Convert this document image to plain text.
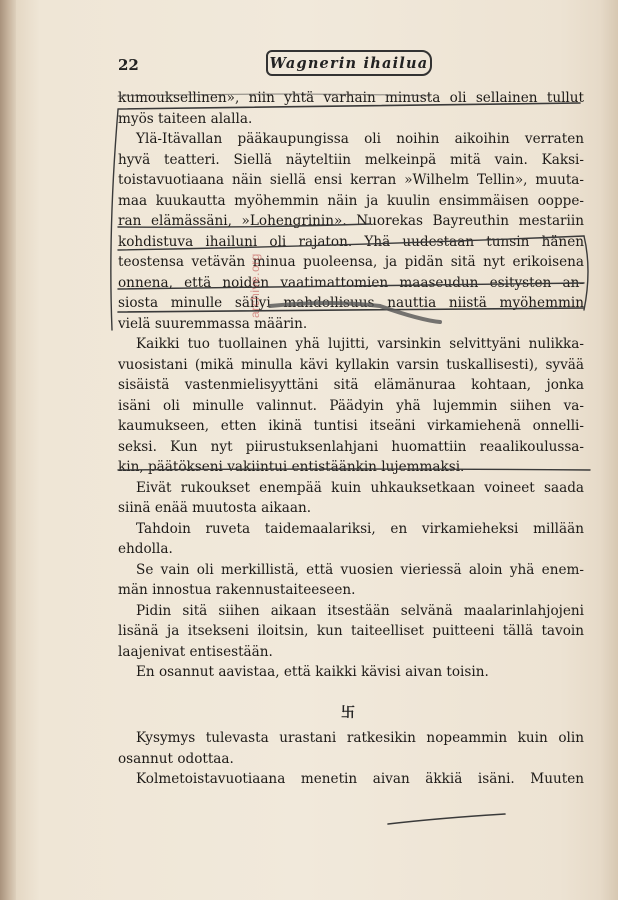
22	Wagnerin ihailua
kumouksellinen», niin yhtä varhain minusta oli sellainen tullut
myös taiteen alalla.
Ylä-Itävallan pääkaupungissa oli noihin aikoihin verraten
hyvä teatteri. Siellä näyteltiin melkeinpä mitä vain. Kaksi-
toistavuotiaana näin siellä ensi kerran »Wilhelm Tellin», muuta-
maa kuukautta myöhemmin näin ja kuulin ensimmäisen ooppe-
ran elämässäni, »Lohengrinin». Nuorekas Bayreuthin mestariin
kohdistuva ihailuni oli rajaton. Yhä uudestaan tunsin hänen
teostensa vetävän minua puoleensa, ja pidän sitä nyt erikoisena
onnena, että noiden vaatimattomien maaseudun esitysten an-
siosta minulle säilyi mahdollisuus nauttia niistä myöhemmin
vielä suuremmassa määrin.
Kaikki tuo tuollainen yhä lujitti, varsinkin selvittyäni nulikka-
vuosistani (mikä minulla kävi kyllakin varsin tuskallisesti), syvää
sisäistä vastenmielisyyttäni sitä elämänuraa kohtaan, jonka
isäni oli minulle valinnut. Päädyin yhä lujemmin siihen va-
kaumukseen, etten ikinä tuntisi itseäni virkamiehenä onnelli-
seksi. Kun nyt piirustuksenlahjani huomattiin reaalikoulussa-
kin, päätökseni vakiintui entistäänkin lujemmaksi.
Eivät rukoukset enempää kuin uhkauksetkaan voineet saada
siinä enää muutosta aikaan.
Tahdoin ruveta taidemaalariksi, en virkamieheksi millään
ehdolla.
Se vain oli merkillistä, että vuosien vieriessä aloin yhä enem-
män innostua rakennustaiteeseen.
Pidin sitä siihen aikaan itsestään selvänä maalarinlahjojeni
lisänä ja itsekseni iloitsin, kun taiteelliset puitteeni tällä tavoin
laajenivat entisestään.
En osannut aavistaa, että kaikki kävisi aivan toisin.
Kysymys tulevasta urastani ratkesikin nopeammin kuin olin
osannut odottaa.
Kolmetoistavuotiaana menetin aivan äkkiä isäni. Muuten
卐
archive.org
